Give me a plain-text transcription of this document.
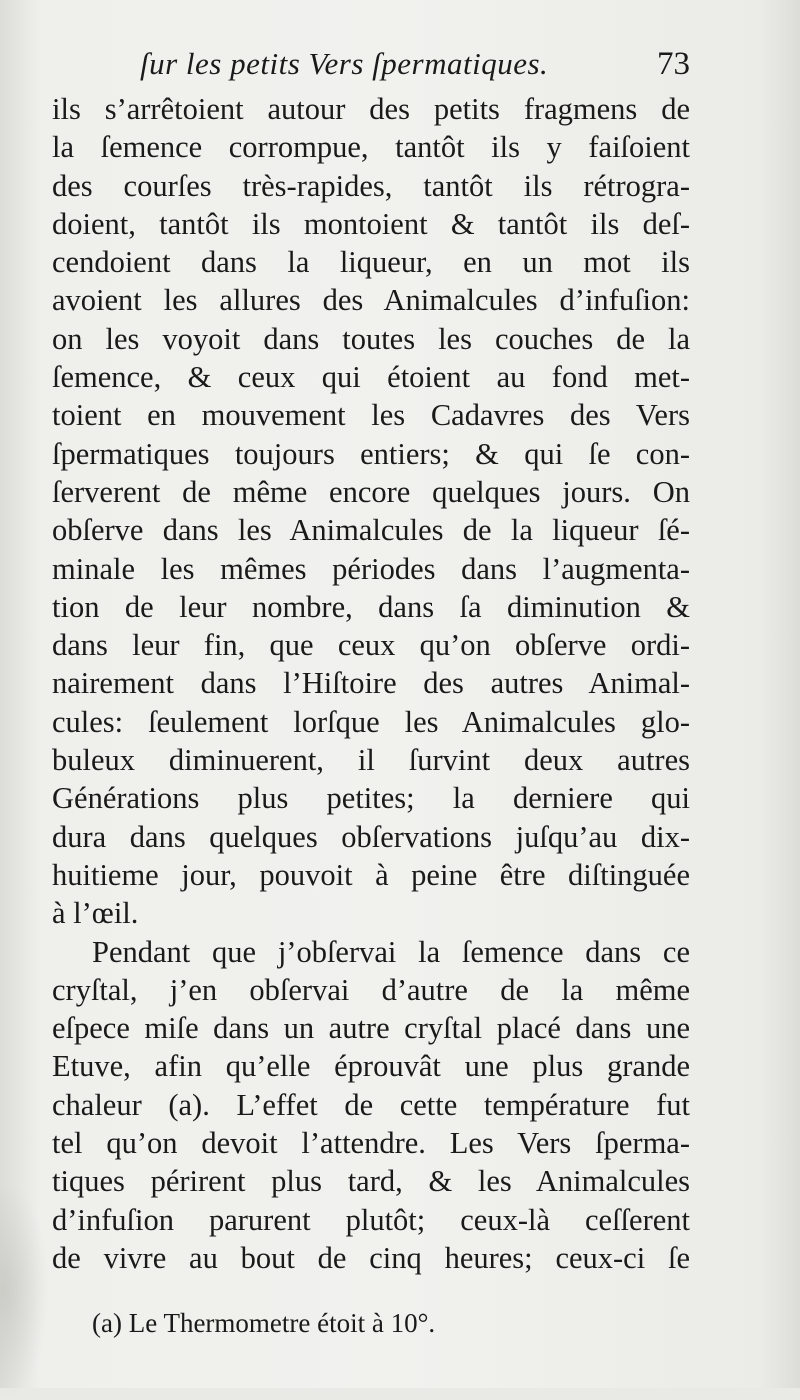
ſur les petits Vers ſpermatiques.	73
ils s’arrêtoient autour des petits fragmens de
la ſemence corrompue, tantôt ils y faiſoient
des courſes très-rapides, tantôt ils rétrogra-
doient, tantôt ils montoient & tantôt ils deſ-
cendoient dans la liqueur, en un mot ils
avoient les allures des Animalcules d’infuſion:
on les voyoit dans toutes les couches de la
ſemence, & ceux qui étoient au fond met-
toient en mouvement les Cadavres des Vers
ſpermatiques toujours entiers; & qui ſe con-
ſerverent de même encore quelques jours. On
obſerve dans les Animalcules de la liqueur ſé-
minale les mêmes périodes dans l’augmenta-
tion de leur nombre, dans ſa diminution &
dans leur fin, que ceux qu’on obſerve ordi-
nairement dans l’Hiſtoire des autres Animal-
cules: ſeulement lorſque les Animalcules glo-
buleux diminuerent, il ſurvint deux autres
Générations plus petites; la derniere qui
dura dans quelques obſervations juſqu’au dix-
huitieme jour, pouvoit à peine être diſtinguée
à l’œil.
Pendant que j’obſervai la ſemence dans ce
cryſtal, j’en obſervai d’autre de la même
eſpece miſe dans un autre cryſtal placé dans une
Etuve, afin qu’elle éprouvât une plus grande
chaleur (a). L’effet de cette température fut
tel qu’on devoit l’attendre. Les Vers ſperma-
tiques périrent plus tard, & les Animalcules
d’infuſion parurent plutôt; ceux-là ceſſerent
de vivre au bout de cinq heures; ceux-ci ſe
(a) Le Thermometre étoit à 10°.
